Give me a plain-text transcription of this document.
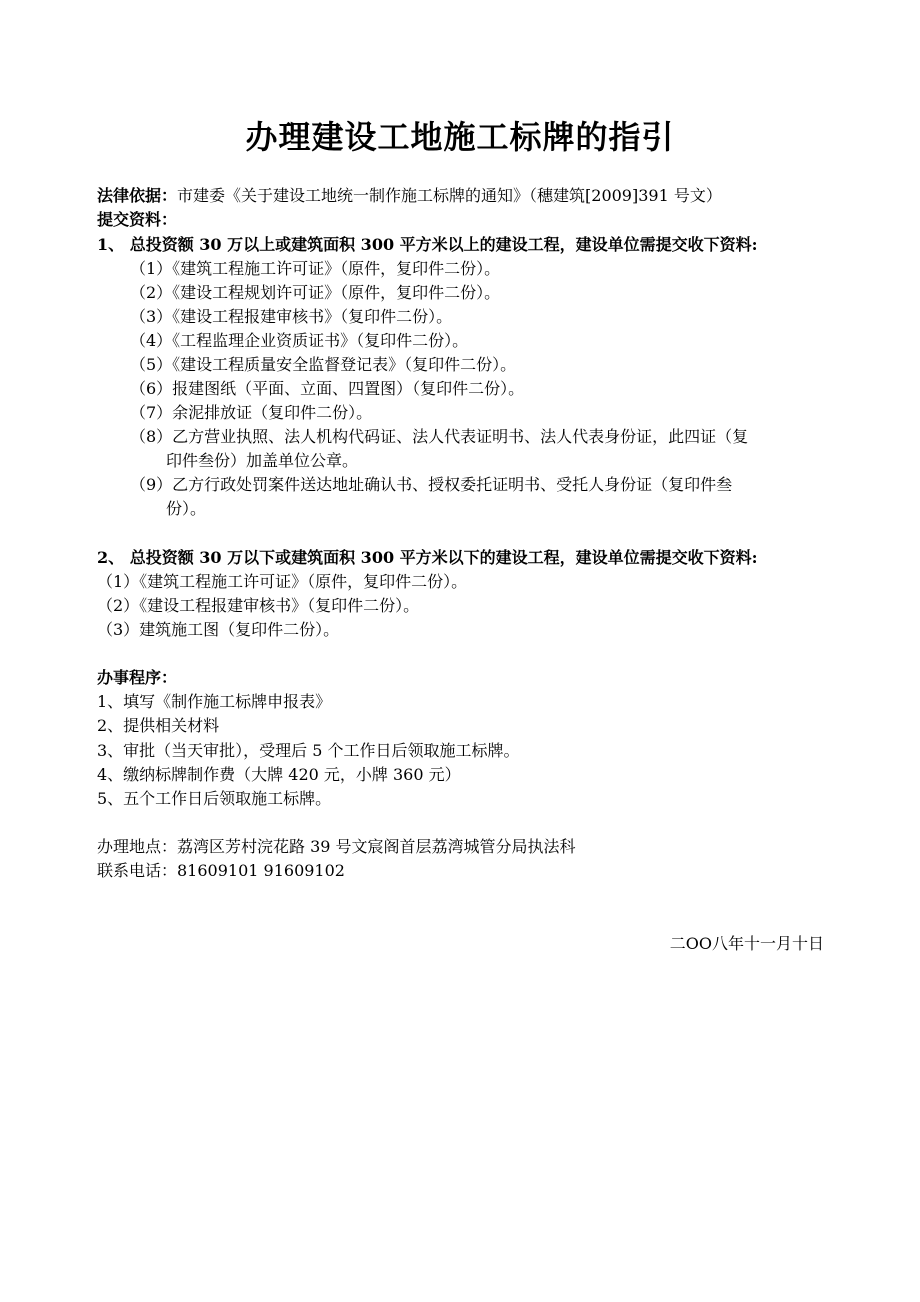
办理建设工地施工标牌的指引
法律依据：市建委《关于建设工地统一制作施工标牌的通知》（穗建筑[2009]391 号文）
提交资料：
1、 总投资额 30 万以上或建筑面积 300 平方米以上的建设工程，建设单位需提交收下资料:
（1）《建筑工程施工许可证》（原件，复印件二份）。
（2）《建设工程规划许可证》（原件，复印件二份）。
（3）《建设工程报建审核书》（复印件二份）。
（4）《工程监理企业资质证书》（复印件二份）。
（5）《建设工程质量安全监督登记表》（复印件二份）。
（6）报建图纸（平面、立面、四置图）（复印件二份）。
（7）余泥排放证（复印件二份）。
（8）乙方营业执照、法人机构代码证、法人代表证明书、法人代表身份证，此四证（复
印件叁份）加盖单位公章。
（9）乙方行政处罚案件送达地址确认书、授权委托证明书、受托人身份证（复印件叁
份）。
2、 总投资额 30 万以下或建筑面积 300 平方米以下的建设工程，建设单位需提交收下资料:
（1）《建筑工程施工许可证》（原件，复印件二份）。
（2）《建设工程报建审核书》（复印件二份）。
（3）建筑施工图（复印件二份）。
办事程序：
1、填写《制作施工标牌申报表》
2、提供相关材料
3、审批（当天审批），受理后 5 个工作日后领取施工标牌。
4、缴纳标牌制作费（大牌 420 元，小牌 360 元）
5、五个工作日后领取施工标牌。
办理地点：荔湾区芳村浣花路 39 号文宸阁首层荔湾城管分局执法科
联系电话：81609101 91609102
二OO八年十一月十日
